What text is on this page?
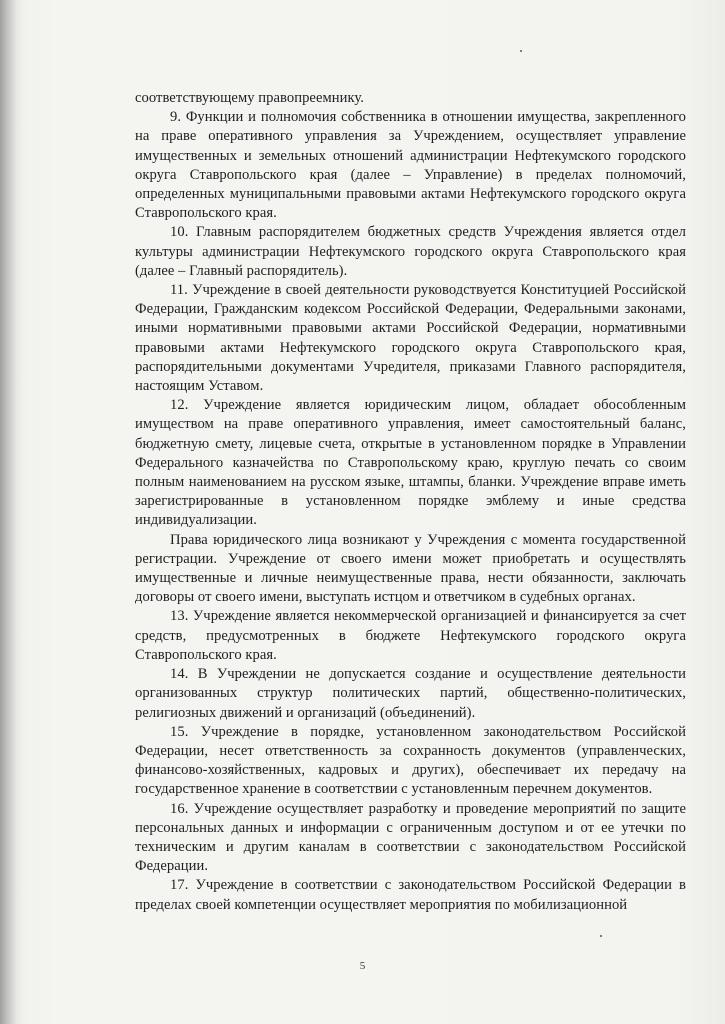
соответствующему правопреемнику.

9. Функции и полномочия собственника в отношении имущества, закрепленного на праве оперативного управления за Учреждением, осуществляет управление имущественных и земельных отношений администрации Нефтекумского городского округа Ставропольского края (далее – Управление) в пределах полномочий, определенных муниципальными правовыми актами Нефтекумского городского округа Ставропольского края.

10. Главным распорядителем бюджетных средств Учреждения является отдел культуры администрации Нефтекумского городского округа Ставропольского края (далее – Главный распорядитель).

11. Учреждение в своей деятельности руководствуется Конституцией Российской Федерации, Гражданским кодексом Российской Федерации, Федеральными законами, иными нормативными правовыми актами Российской Федерации, нормативными правовыми актами Нефтекумского городского округа Ставропольского края, распорядительными документами Учредителя, приказами Главного распорядителя, настоящим Уставом.

12. Учреждение является юридическим лицом, обладает обособленным имуществом на праве оперативного управления, имеет самостоятельный баланс, бюджетную смету, лицевые счета, открытые в установленном порядке в Управлении Федерального казначейства по Ставропольскому краю, круглую печать со своим полным наименованием на русском языке, штампы, бланки. Учреждение вправе иметь зарегистрированные в установленном порядке эмблему и иные средства индивидуализации.

Права юридического лица возникают у Учреждения с момента государственной регистрации. Учреждение от своего имени может приобретать и осуществлять имущественные и личные неимущественные права, нести обязанности, заключать договоры от своего имени, выступать истцом и ответчиком в судебных органах.

13. Учреждение является некоммерческой организацией и финансируется за счет средств, предусмотренных в бюджете Нефтекумского городского округа Ставропольского края.

14. В Учреждении не допускается создание и осуществление деятельности организованных структур политических партий, общественно-политических, религиозных движений и организаций (объединений).

15. Учреждение в порядке, установленном законодательством Российской Федерации, несет ответственность за сохранность документов (управленческих, финансово-хозяйственных, кадровых и других), обеспечивает их передачу на государственное хранение в соответствии с установленным перечнем документов.

16. Учреждение осуществляет разработку и проведение мероприятий по защите персональных данных и информации с ограниченным доступом и от ее утечки по техническим и другим каналам в соответствии с законодательством Российской Федерации.

17. Учреждение в соответствии с законодательством Российской Федерации в пределах своей компетенции осуществляет мероприятия по мобилизационной

5
